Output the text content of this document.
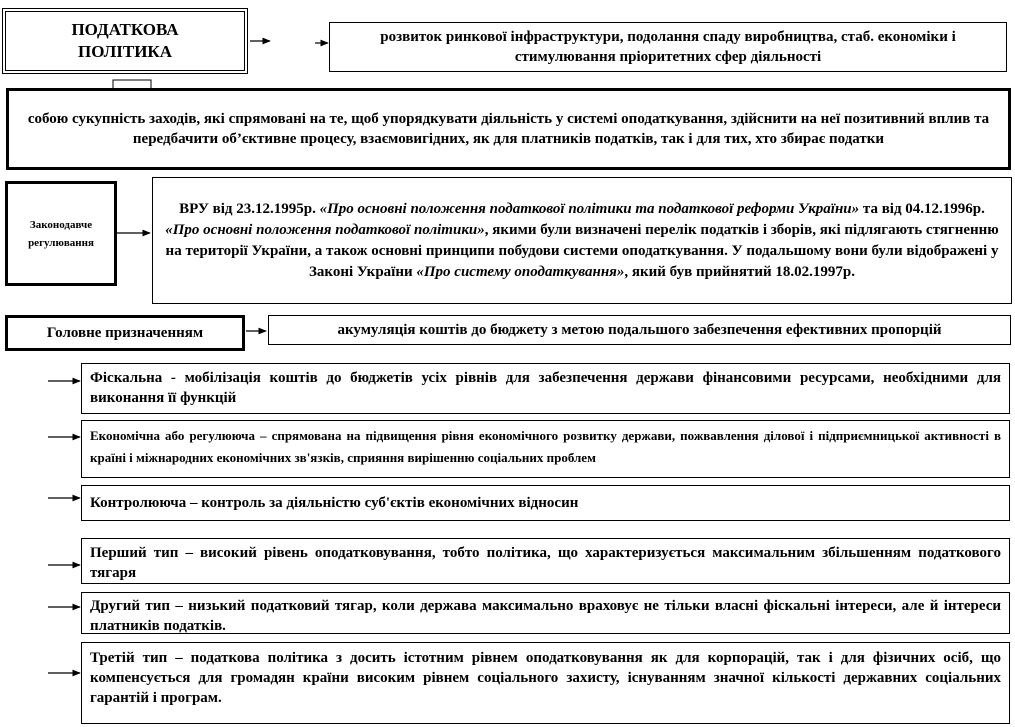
ПОДАТКОВА ПОЛІТИКА
розвиток ринкової інфраструктури, подолання спаду виробництва, стаб. економіки і стимулювання пріоритетних сфер діяльності
собою сукупність заходів, які спрямовані на те, щоб упорядкувати діяльність у системі оподаткування, здійснити на неї позитивний вплив та передбачити об’єктивне процесу, взаємовигідних, як для платників податків, так і для тих, хто збирає податки
Законодавче регулювання
ВРУ від 23.12.1995р. «Про основні положення податкової політики та податкової реформи України» та від 04.12.1996р. «Про основні положення податкової політики», якими були визначені перелік податків і зборів, які підлягають стягненню на території України, а також основні принципи побудови системи оподаткування. У подальшому вони були відображені у Законі України «Про систему оподаткування», який був прийнятий 18.02.1997р.
Головне призначенням	акумуляція коштів до бюджету з метою подальшого забезпечення ефективних пропорцій
Фіскальна - мобілізація коштів до бюджетів усіх рівнів для забезпечення держави фінансовими ресурсами, необхідними для виконання її функцій
Економічна або регулююча – спрямована на підвищення рівня економічного розвитку держави, пожвавлення ділової і підприємницької активності в країні і міжнародних економічних зв'язків, сприяння вирішенню соціальних проблем
Контролююча – контроль за діяльністю суб'єктів економічних відносин
Перший тип – високий рівень оподатковування, тобто політика, що характеризується максимальним збільшенням податкового тягаря
Другий тип – низький податковий тягар, коли держава максимально враховує не тільки власні фіскальні інтереси, але й інтереси платників податків.
Третій тип – податкова політика з досить істотним рівнем оподатковування як для корпорацій, так і для фізичних осіб, що компенсується для громадян країни високим рівнем соціального захисту, існуванням значної кількості державних соціальних гарантій і програм.
